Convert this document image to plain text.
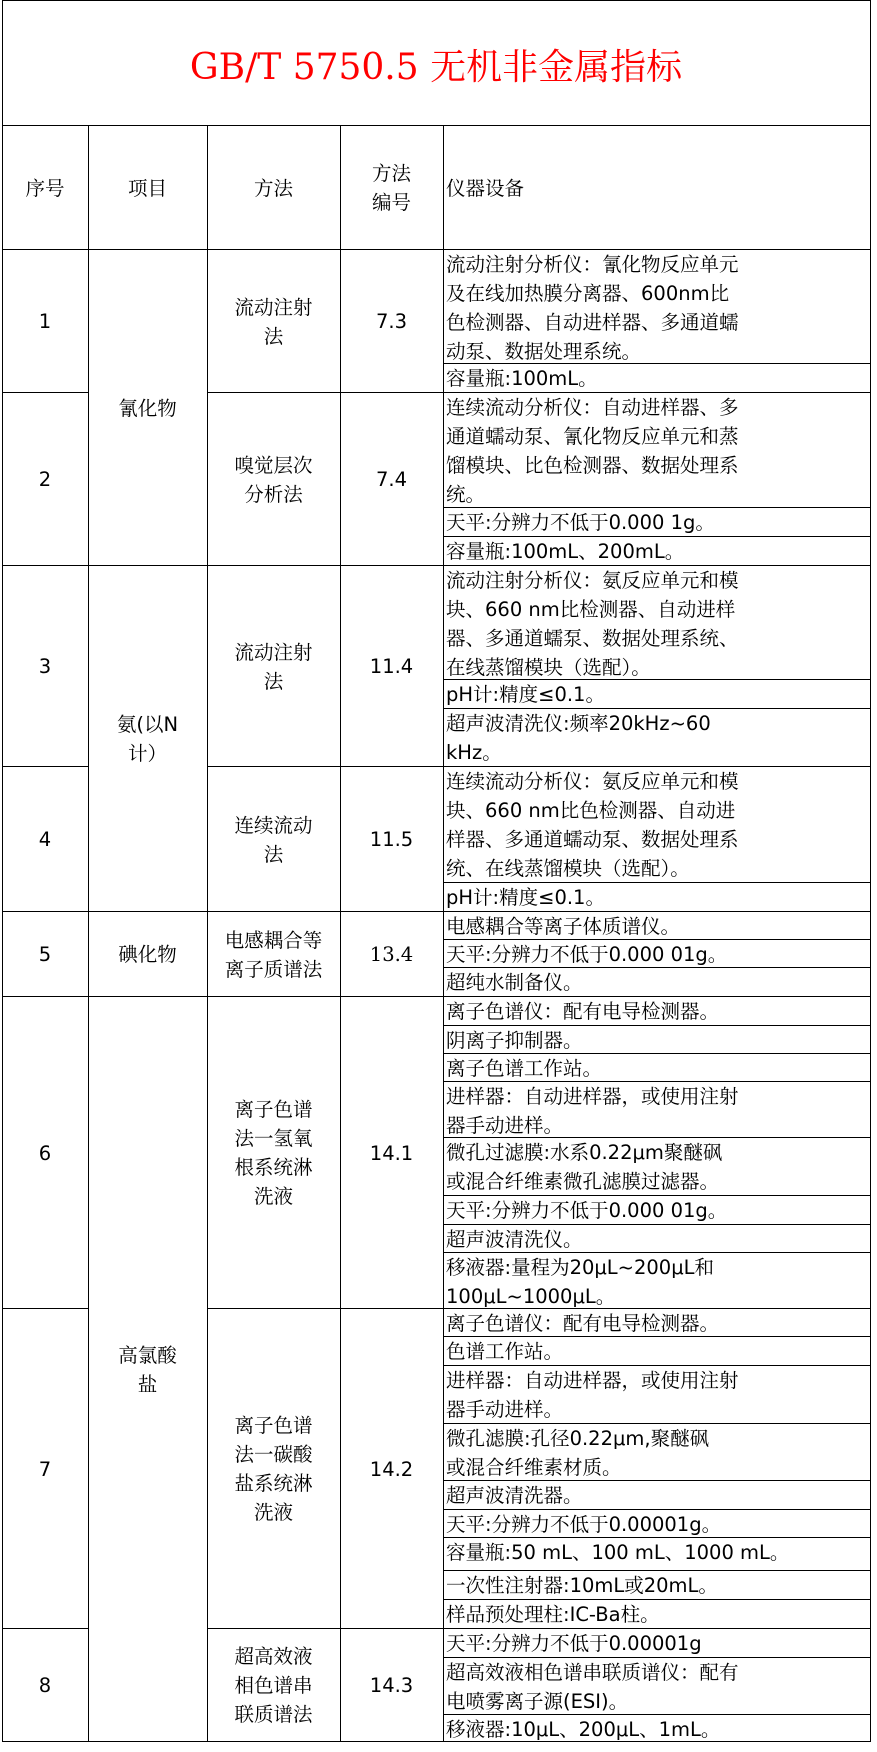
GB/T 5750.5 无机非金属指标
序号	项目	方法
方法
编号
仪器设备
1
2
3
4
5
6
7
8
氰化物
氨(以N
计）
碘化物
高氯酸
盐
流动注射
法
嗅觉层次
分析法
流动注射
法
连续流动
法
电感耦合等
离子质谱法
离子色谱
法一氢氧
根系统淋
洗液
离子色谱
法一碳酸
盐系统淋
洗液
超高效液
相色谱串
联质谱法
7.3
7.4
11.4
11.5
13.4
14.1
14.2
14.3
流动注射分析仪：氰化物反应单元
及在线加热膜分离器、600nm比
色检测器、自动进样器、多通道蠕
动泵、数据处理系统。
容量瓶:100mL。
连续流动分析仪：自动进样器、多
通道蠕动泵、氰化物反应单元和蒸
馏模块、比色检测器、数据处理系
统。
天平:分辨力不低于0.000 1g。
容量瓶:100mL、200mL。
流动注射分析仪：氨反应单元和模
块、660 nm比检测器、自动进样
器、多通道蠕泵、数据处理系统、
在线蒸馏模块（选配）。
pH计:精度≤0.1。
超声波清洗仪:频率20kHz~60
kHz。
连续流动分析仪：氨反应单元和模
块、660 nm比色检测器、自动进
样器、多通道蠕动泵、数据处理系
统、在线蒸馏模块（选配）。
pH计:精度≤0.1。
电感耦合等离子体质谱仪。
天平:分辨力不低于0.000 01g。
超纯水制备仪。
离子色谱仪：配有电导检测器。
阴离子抑制器。
离子色谱工作站。
进样器：自动进样器，或使用注射
器手动进样。
微孔过滤膜:水系0.22μm聚醚砜
或混合纤维素微孔滤膜过滤器。
天平:分辨力不低于0.000 01g。
超声波清洗仪。
移液器:量程为20μL~200μL和
100μL~1000μL。
离子色谱仪：配有电导检测器。
色谱工作站。
进样器：自动进样器，或使用注射
器手动进样。
微孔滤膜:孔径0.22μm,聚醚砜
或混合纤维素材质。
超声波清洗器。
天平:分辨力不低于0.00001g。
容量瓶:50 mL、100 mL、1000 mL。
一次性注射器:10mL或20mL。
样品预处理柱:IC-Ba柱。
天平:分辨力不低于0.00001g
超高效液相色谱串联质谱仪：配有
电喷雾离子源(ESI)。
移液器:10μL、200μL、1mL。
